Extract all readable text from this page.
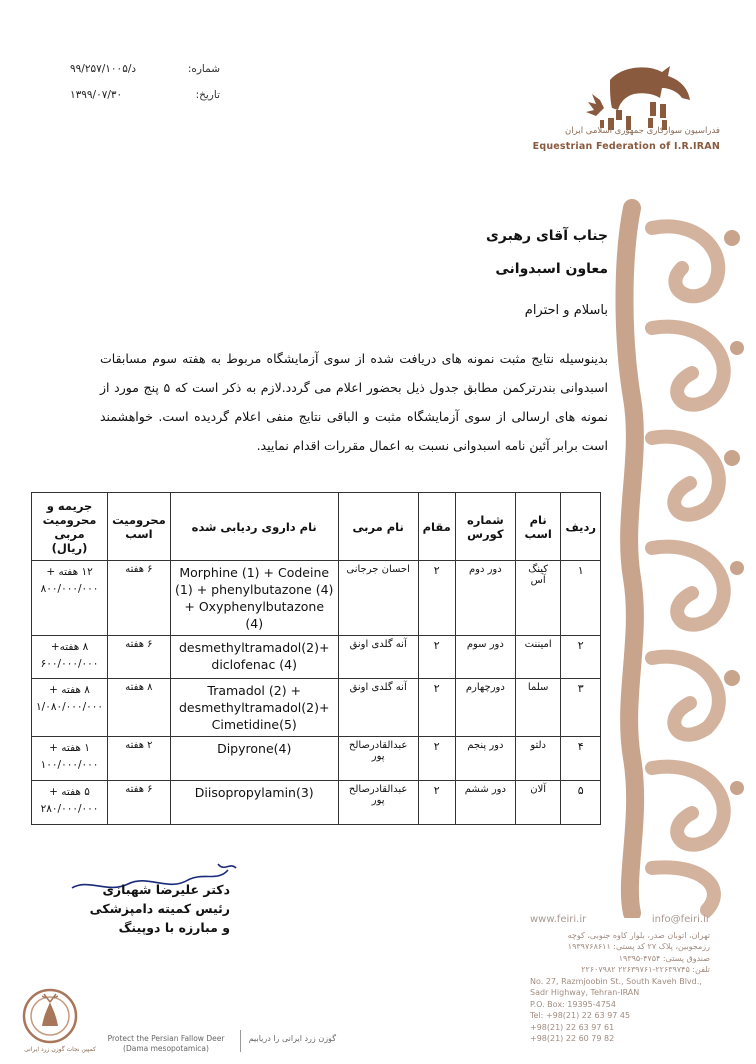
شماره:
۹۹/۲۵۷/د/۱۰۰۵
تاریخ:
۱۳۹۹/۰۷/۳۰
فدراسیون سوارکاری جمهوری اسلامی ایران
Equestrian Federation of I.R.IRAN
جناب آقای رهبری
معاون اسبدوانی
باسلام و احترام
بدینوسیله نتایج مثبت نمونه های دریافت شده از سوی آزمایشگاه مربوط به هفته سوم مسابقات اسبدوانی بندرترکمن مطابق جدول ذیل بحضور اعلام می گردد.لازم به ذکر است که ۵ پنج مورد از نمونه های ارسالی از سوی آزمایشگاه مثبت و الباقی نتایج منفی اعلام گردیده است. خواهشمند است برابر آئین نامه اسبدوانی نسبت به اعمال مقررات اقدام نمایید.
ردیف	نام اسب	شماره کورس	مقام	نام مربی	نام داروی ردیابی شده	محرومیت اسب	جریمه و محرومیت مربی (ریال)
۱	کینگ آس	دور دوم	۲	احسان جرجانی	Morphine (1) + Codeine (1) + phenylbutazone (4) + Oxyphenylbutazone (4)	۶ هفته	۱۲ هفته + ۸۰۰/۰۰۰/۰۰۰
۲	امیننت	دور سوم	۲	آنه گلدی اونق	desmethyltramadol(2)+ diclofenac (4)	۶ هفته	۸ هفته+ ۶۰۰/۰۰۰/۰۰۰
۳	سلما	دورچهارم	۲	آنه گلدی اونق	Tramadol (2) + desmethyltramadol(2)+ Cimetidine(5)	۸ هفته	۸ هفته + ۱/۰۸۰/۰۰۰/۰۰۰
۴	دلتو	دور پنجم	۲	عبدالقادرصالح پور	Dipyrone(4)	۲ هفته	۱ هفته + ۱۰۰/۰۰۰/۰۰۰
۵	آلان	دور ششم	۲	عبدالقادرصالح پور	Diisopropylamin(3)	۶ هفته	۵ هفته + ۲۸۰/۰۰۰/۰۰۰
دکتر علیرضا شهبازی
رئیس کمیته دامپزشکی
و مبارزه با دوپینگ
www.feiri.ir	info@feiri.ir
تهران، اتوبان صدر، بلوار کاوه جنوبی، کوچه
رزمجوبین، پلاک ۲۷ کد پستی: ۱۹۳۹۷۶۸۶۱۱
صندوق پستی: ۴۷۵۴-۱۹۳۹۵
تلفن: ۲۲۶۳۹۷۴۵-۲۲۶۳۹۷۶۱ ۲۲۶۰۷۹۸۲
No. 27, Razmjoobin St., South Kaveh Blvd.,
Sadr Highway, Tehran-IRAN
P.O. Box: 19395-4754
Tel: +98(21) 22 63 97 45
+98(21) 22 63 97 61
+98(21) 22 60 79 82
کمپین نجات گوزن زرد ایرانی
Protect the Persian Fallow Deer
(Dama mesopotamica)
گوزن زرد ایرانی را دریابیم
